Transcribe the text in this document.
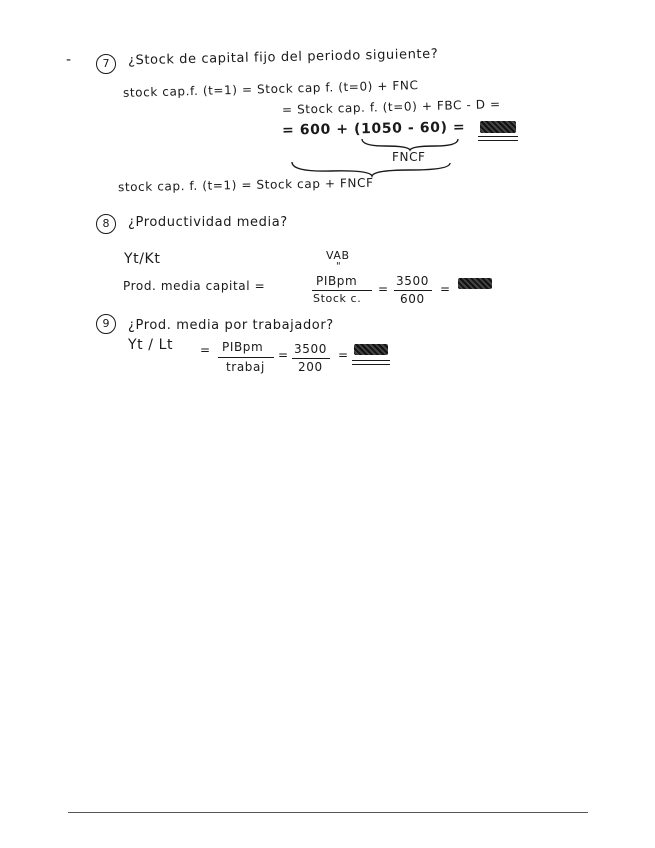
-	7	¿Stock de capital fijo del periodo siguiente?
stock cap.f. (t=1) = Stock cap f. (t=0) + FNC
= Stock cap. f. (t=0) + FBC - D =
= 600 + (1050 - 60) =
FNCF
stock cap. f. (t=1) = Stock cap + FNCF
8	¿Productividad media?
Yt/Kt	VAB
"
Prod. media capital =	PIBpm
Stock c.
=
3500
600
=
9	¿Prod. media por trabajador?
Yt / Lt = PIBpm
trabaj
= 3500
200
=
